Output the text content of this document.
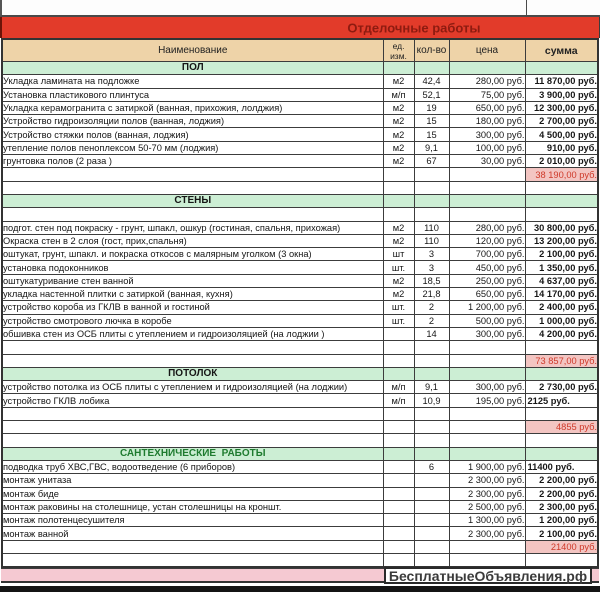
Отделочные работы
Наименование	ед. изм.	кол-во	цена	сумма
ПОЛ				
Укладка ламината на подложке	м2	42,4	280,00 руб.	11 870,00 руб.
Установка пластикового плинтуса	м/п	52,1	75,00 руб.	3 900,00 руб.
Укладка керамогранита с затиркой (ванная, прихожия, лолджия)	м2	19	650,00 руб.	12 300,00 руб.
Устройство гидроизоляции полов (ванная, лоджия)	м2	15	180,00 руб.	2 700,00 руб.
Устройство стяжки полов (ванная, лоджия)	м2	15	300,00 руб.	4 500,00 руб.
утепление полов пеноплексом 50-70 мм (лоджия)	м2	9,1	100,00 руб.	910,00 руб.
грунтовка полов (2 раза )	м2	67	30,00 руб.	2 010,00 руб.
				38 190,00 руб.

СТЕНЫ				

подгот. стен под покраску - грунт, шпакл, ошкур (гостиная, спальня, прихожая)	м2	110	280,00 руб.	30 800,00 руб.
Окраска стен в 2 слоя (гост, прих,спальня)	м2	110	120,00 руб.	13 200,00 руб.
оштукат, грунт, шпакл. и покраска откосов с малярным уголком (3 окна)	шт	3	700,00 руб.	2 100,00 руб.
установка подоконников	шт.	3	450,00 руб.	1 350,00 руб.
оштукатуривание стен ванной	м2	18,5	250,00 руб.	4 637,00 руб.
укладка настенной плитки с затиркой (ванная, кухня)	м2	21,8	650,00 руб.	14 170,00 руб.
устройство короба из ГКЛВ в ванной и гостиной	шт.	2	1 200,00 руб.	2 400,00 руб.
устройство смотрового лючка в коробе	шт.	2	500,00 руб.	1 000,00 руб.
обшивка стен из ОСБ плиты с утеплением и гидроизоляцией (на лоджии )		14	300,00 руб.	4 200,00 руб.

				73 857,00 руб.
ПОТОЛОК				
устройство потолка из ОСБ плиты с утеплением и гидроизоляцией (на лоджии)	м/п	9,1	300,00 руб.	2 730,00 руб.
устройство ГКЛВ лобика	м/п	10,9	195,00 руб.	2125 руб.

				4855 руб.

САНТЕХНИЧЕСКИЕ  РАБОТЫ				
подводка труб ХВС,ГВС, водоотведение (6 приборов)		6	1 900,00 руб.	11400 руб.
монтаж унитаза			2 300,00 руб.	2 200,00 руб.
монтаж биде			2 300,00 руб.	2 200,00 руб.
монтаж раковины на столешнице, устан столешницы на кроншт.			2 500,00 руб.	2 300,00 руб.
монтаж полотенцесушителя			1 300,00 руб.	1 200,00 руб.
монтаж ванной			2 300,00 руб.	2 100,00 руб.
				21400 руб.

БесплатныеОбъявления.рф
